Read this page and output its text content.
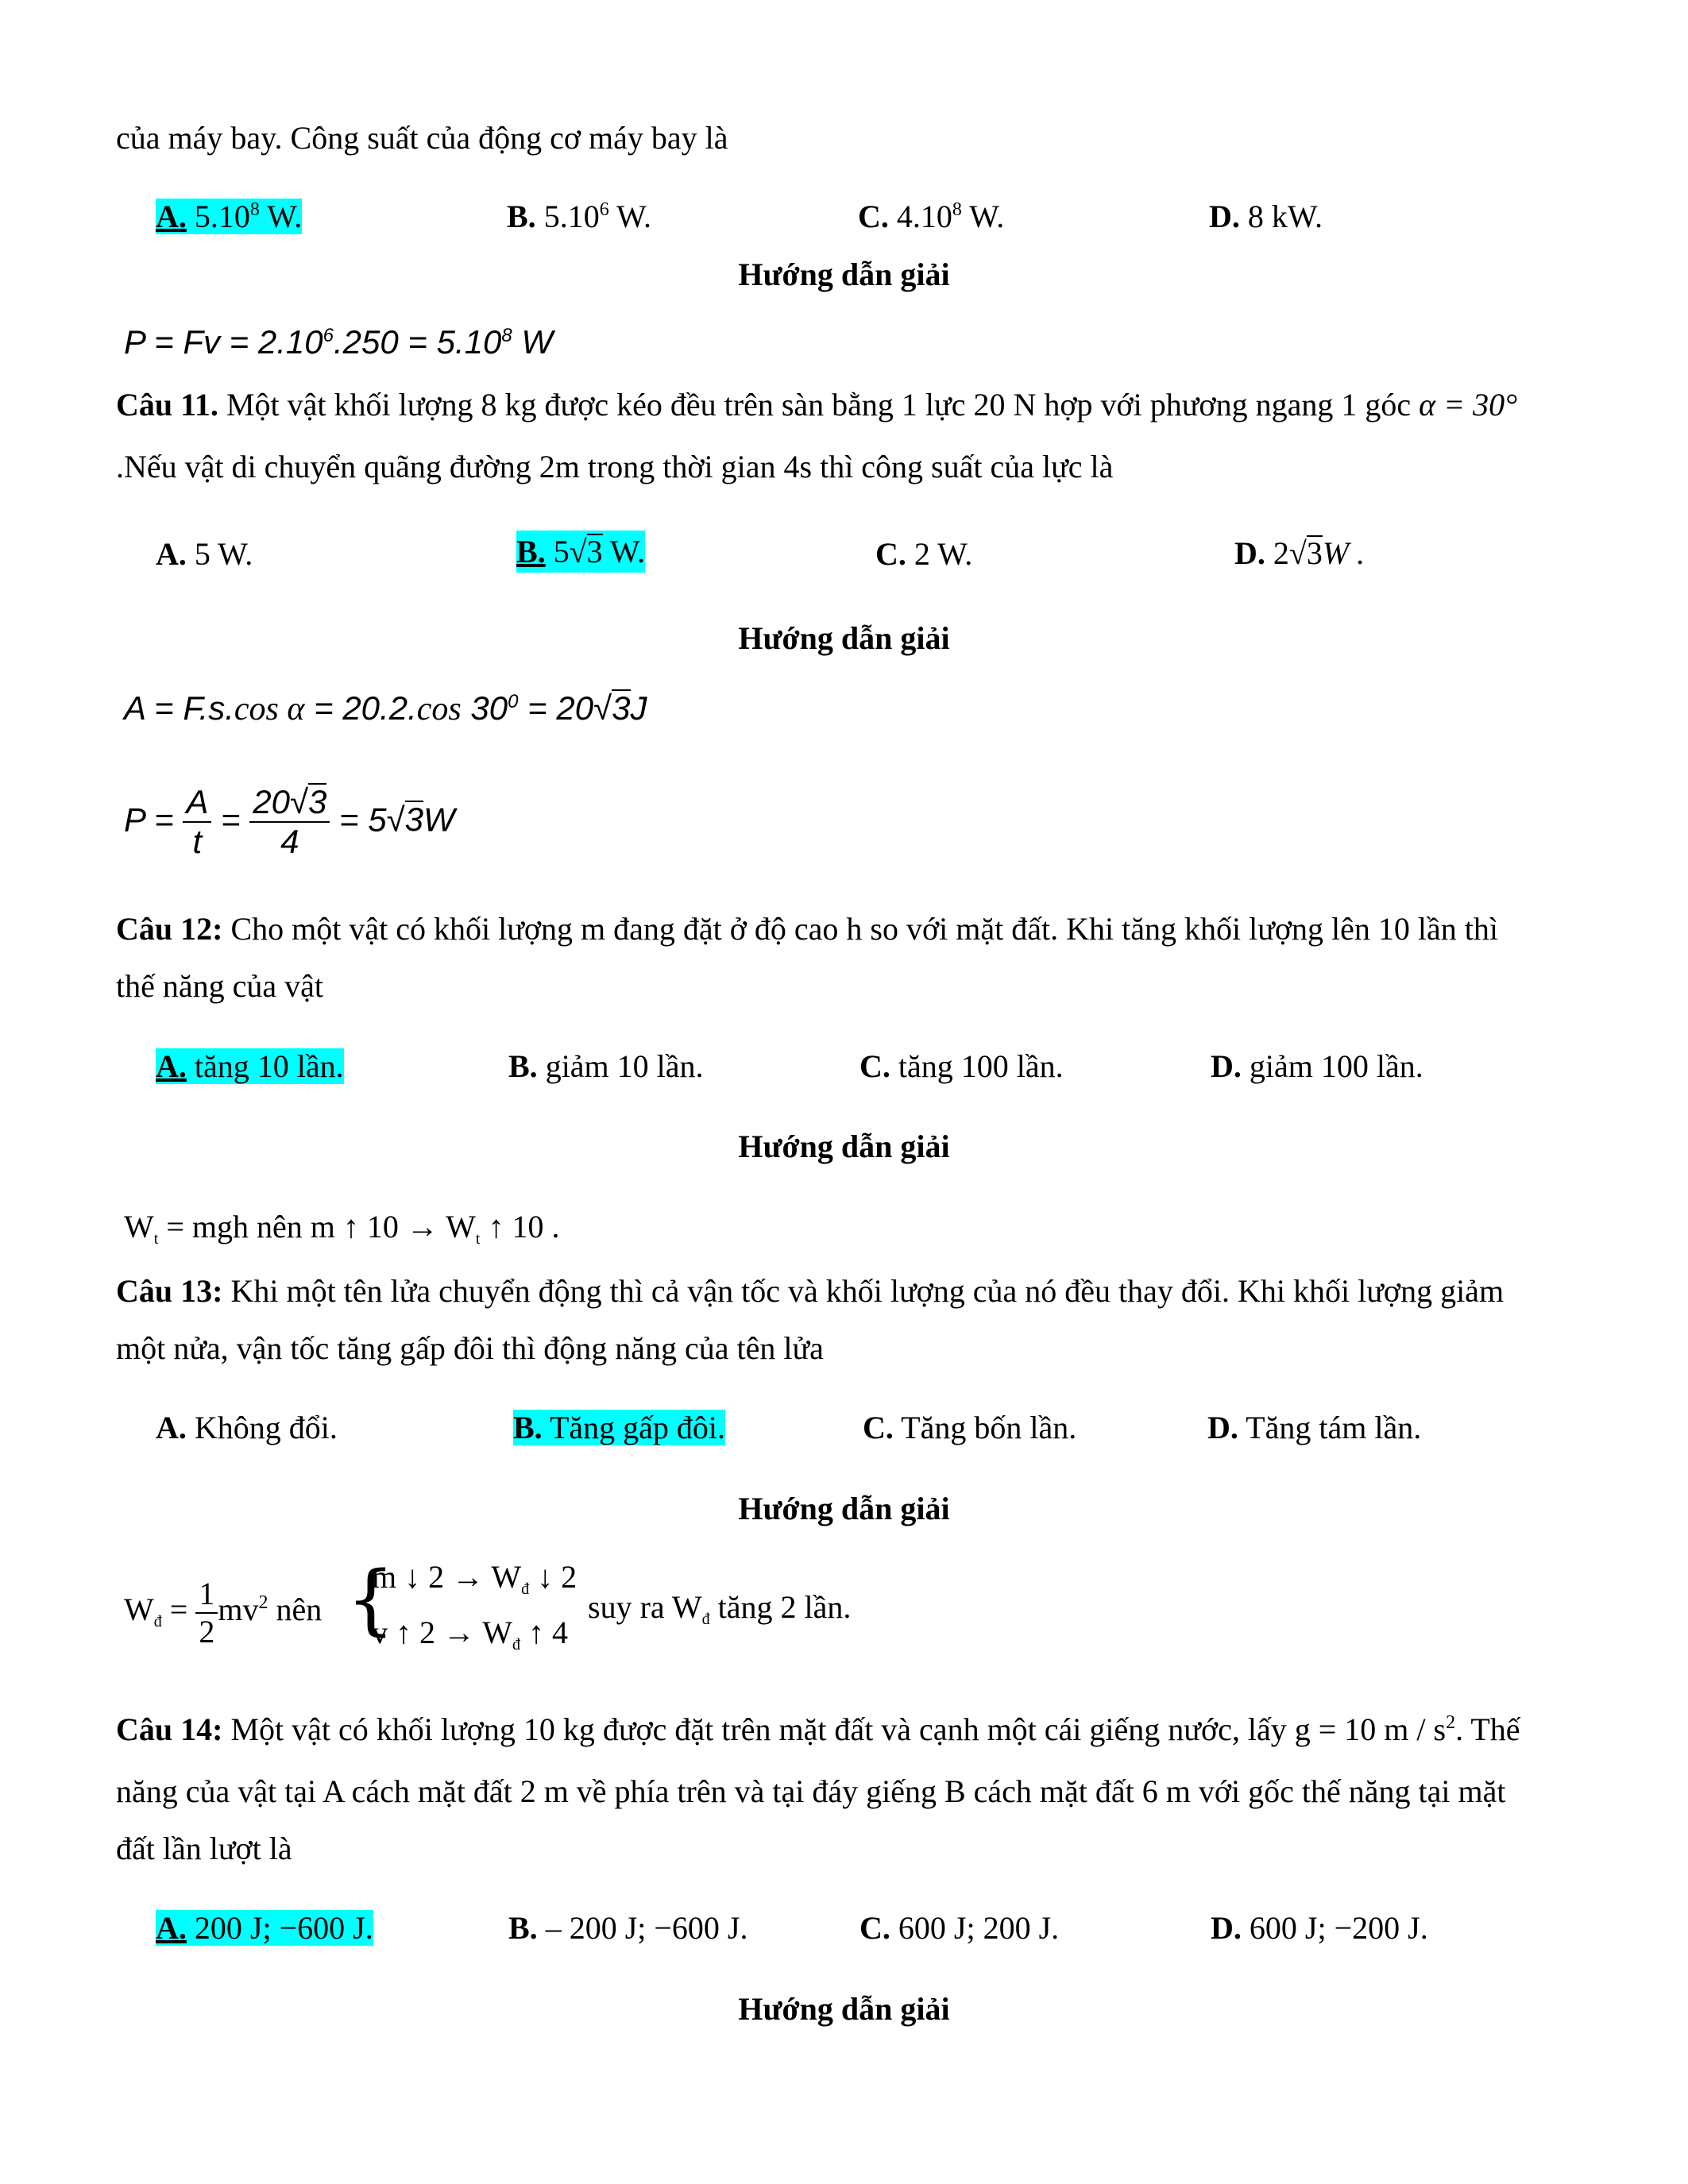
của máy bay. Công suất của động cơ máy bay là
A. 5.10$^8$ W.	B. 5.10$^6$ W.	C. 4.10$^8$ W.	D. 8 kW.
Hướng dẫn giải
$P = Fv = 2.10^6.250 = 5.10^8$ W
Câu 11. Một vật khối lượng 8 kg được kéo đều trên sàn bằng 1 lực 20 N hợp với phương ngang 1 góc α = 30°
.Nếu vật di chuyển quãng đường 2m trong thời gian 4s thì công suất của lực là
A. 5 W.	B. 5√3 W.	C. 2 W.	D. 2√3W .
Hướng dẫn giải
A = F.s.cos α = 20.2.cos $30^0 = 20√3J$
$P = \frac{A}{t} = \frac{20√3}{4} = 5√3W$
Câu 12: Cho một vật có khối lượng m đang đặt ở độ cao h so với mặt đất. Khi tăng khối lượng lên 10 lần thì
thế năng của vật
A. tăng 10 lần.	B. giảm 10 lần.	C. tăng 100 lần.	D. giảm 100 lần.
Hướng dẫn giải
$W_t$ = mgh nên m ↑ $10 \to W_t$ ↑ 10 .
Câu 13: Khi một tên lửa chuyển động thì cả vận tốc và khối lượng của nó đều thay đổi. Khi khối lượng giảm
một nửa, vận tốc tăng gấp đôi thì động năng của tên lửa
A. Không đổi.	B. Tăng gấp đôi.	C. Tăng bốn lần.	D. Tăng tám lần.
Hướng dẫn giải
$W_đ = \frac{1}{2} mv^2$ nên {
m ↓ $2 \to W_đ$ ↓ 2
v ↑ $2 \to W_đ$ ↑ 4
suy ra $W_đ$ tăng 2 lần.
Câu 14: Một vật có khối lượng 10 kg được đặt trên mặt đất và cạnh một cái giếng nước, lấy g = 10 m / $s^2$. Thế
năng của vật tại A cách mặt đất 2 m về phía trên và tại đáy giếng B cách mặt đất 6 m với gốc thế năng tại mặt
đất lần lượt là
A. 200 J; −600 J.	B. – 200 J; −600 J.	C. 600 J; 200 J.	D. 600 J; −200 J.
Hướng dẫn giải
